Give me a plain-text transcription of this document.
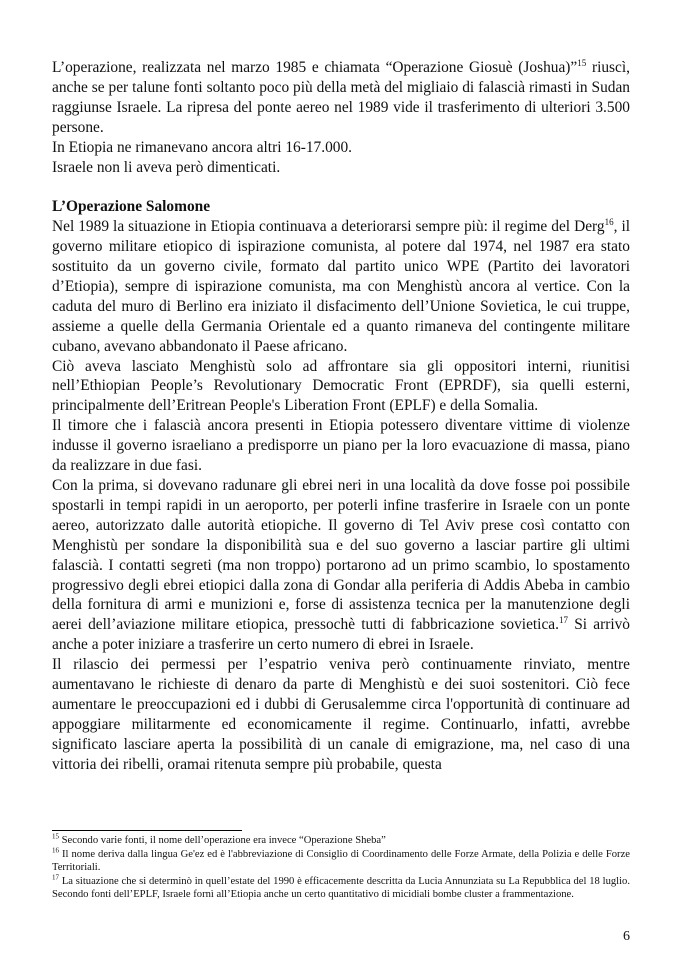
L’operazione, realizzata nel marzo 1985 e chiamata “Operazione Giosuè (Joshua)”$^{15}$ riuscì, anche se per talune fonti soltanto poco più della metà del migliaio di falascià rimasti in Sudan raggiunse Israele. La ripresa del ponte aereo nel 1989 vide il trasferimento di ulteriori 3.500 persone.

In Etiopia ne rimanevano ancora altri 16-17.000.

Israele non li aveva però dimenticati.

L’Operazione Salomone

Nel 1989 la situazione in Etiopia continuava a deteriorarsi sempre più: il regime del Derg$^{16}$, il governo militare etiopico di ispirazione comunista, al potere dal 1974, nel 1987 era stato sostituito da un governo civile, formato dal partito unico WPE (Partito dei lavoratori d’Etiopia), sempre di ispirazione comunista, ma con Menghistù ancora al vertice. Con la caduta del muro di Berlino era iniziato il disfacimento dell’Unione Sovietica, le cui truppe, assieme a quelle della Germania Orientale ed a quanto rimaneva del contingente militare cubano, avevano abbandonato il Paese africano.

Ciò aveva lasciato Menghistù solo ad affrontare sia gli oppositori interni, riunitisi nell’Ethiopian People’s Revolutionary Democratic Front (EPRDF), sia quelli esterni, principalmente dell’Eritrean People's Liberation Front (EPLF) e della Somalia.

Il timore che i falascià ancora presenti in Etiopia potessero diventare vittime di violenze indusse il governo israeliano a predisporre un piano per la loro evacuazione di massa, piano da realizzare in due fasi.

Con la prima, si dovevano radunare gli ebrei neri in una località da dove fosse poi possibile spostarli in tempi rapidi in un aeroporto, per poterli infine trasferire in Israele con un ponte aereo, autorizzato dalle autorità etiopiche. Il governo di Tel Aviv prese così contatto con Menghistù per sondare la disponibilità sua e del suo governo a lasciar partire gli ultimi falascià. I contatti segreti (ma non troppo) portarono ad un primo scambio, lo spostamento progressivo degli ebrei etiopici dalla zona di Gondar alla periferia di Addis Abeba in cambio della fornitura di armi e munizioni e, forse di assistenza tecnica per la manutenzione degli aerei dell’aviazione militare etiopica, pressochè tutti di fabbricazione sovietica.$^{17}$ Si arrivò anche a poter iniziare a trasferire un certo numero di ebrei in Israele.

Il rilascio dei permessi per l’espatrio veniva però continuamente rinviato, mentre aumentavano le richieste di denaro da parte di Menghistù e dei suoi sostenitori. Ciò fece aumentare le preoccupazioni ed i dubbi di Gerusalemme circa l'opportunità di continuare ad appoggiare militarmente ed economicamente il regime. Continuarlo, infatti, avrebbe significato lasciare aperta la possibilità di un canale di emigrazione, ma, nel caso di una vittoria dei ribelli, oramai ritenuta sempre più probabile, questa

$^{15}$ Secondo varie fonti, il nome dell’operazione era invece “Operazione Sheba”

$^{16}$ Il nome deriva dalla lingua Ge'ez ed è l'abbreviazione di Consiglio di Coordinamento delle Forze Armate, della Polizia e delle Forze Territoriali.

$^{17}$ La situazione che si determinò in quell’estate del 1990 è efficacemente descritta da Lucia Annunziata su La Repubblica del 18 luglio. Secondo fonti dell’EPLF, Israele fornì all’Etiopia anche un certo quantitativo di micidiali bombe cluster a frammentazione.

6
